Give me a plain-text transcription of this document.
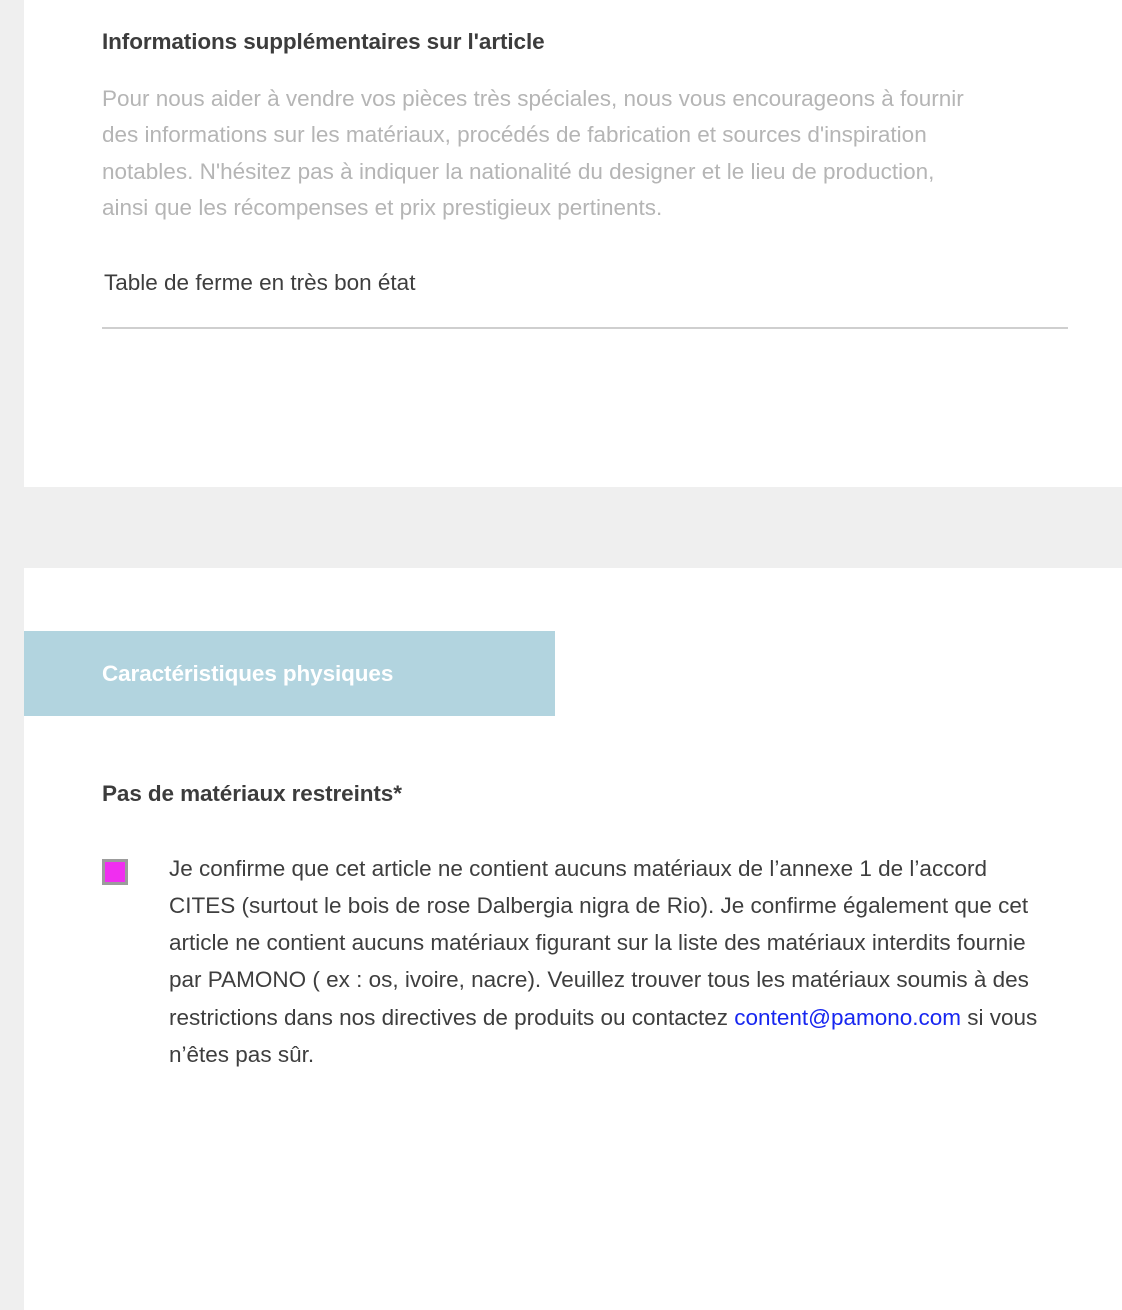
Informations supplémentaires sur l'article

Pour nous aider à vendre vos pièces très spéciales, nous vous encourageons à fournir des informations sur les matériaux, procédés de fabrication et sources d'inspiration notables. N'hésitez pas à indiquer la nationalité du designer et le lieu de production, ainsi que les récompenses et prix prestigieux pertinents.

Table de ferme en très bon état
Caractéristiques physiques
Pas de matériaux restreints*
Je confirme que cet article ne contient aucuns matériaux de l’annexe 1 de l’accord CITES (surtout le bois de rose Dalbergia nigra de Rio). Je confirme également que cet article ne contient aucuns matériaux figurant sur la liste des matériaux interdits fournie par PAMONO ( ex : os, ivoire, nacre). Veuillez trouver tous les matériaux soumis à des restrictions dans nos directives de produits ou contactez content@pamono.com si vous n’êtes pas sûr.
